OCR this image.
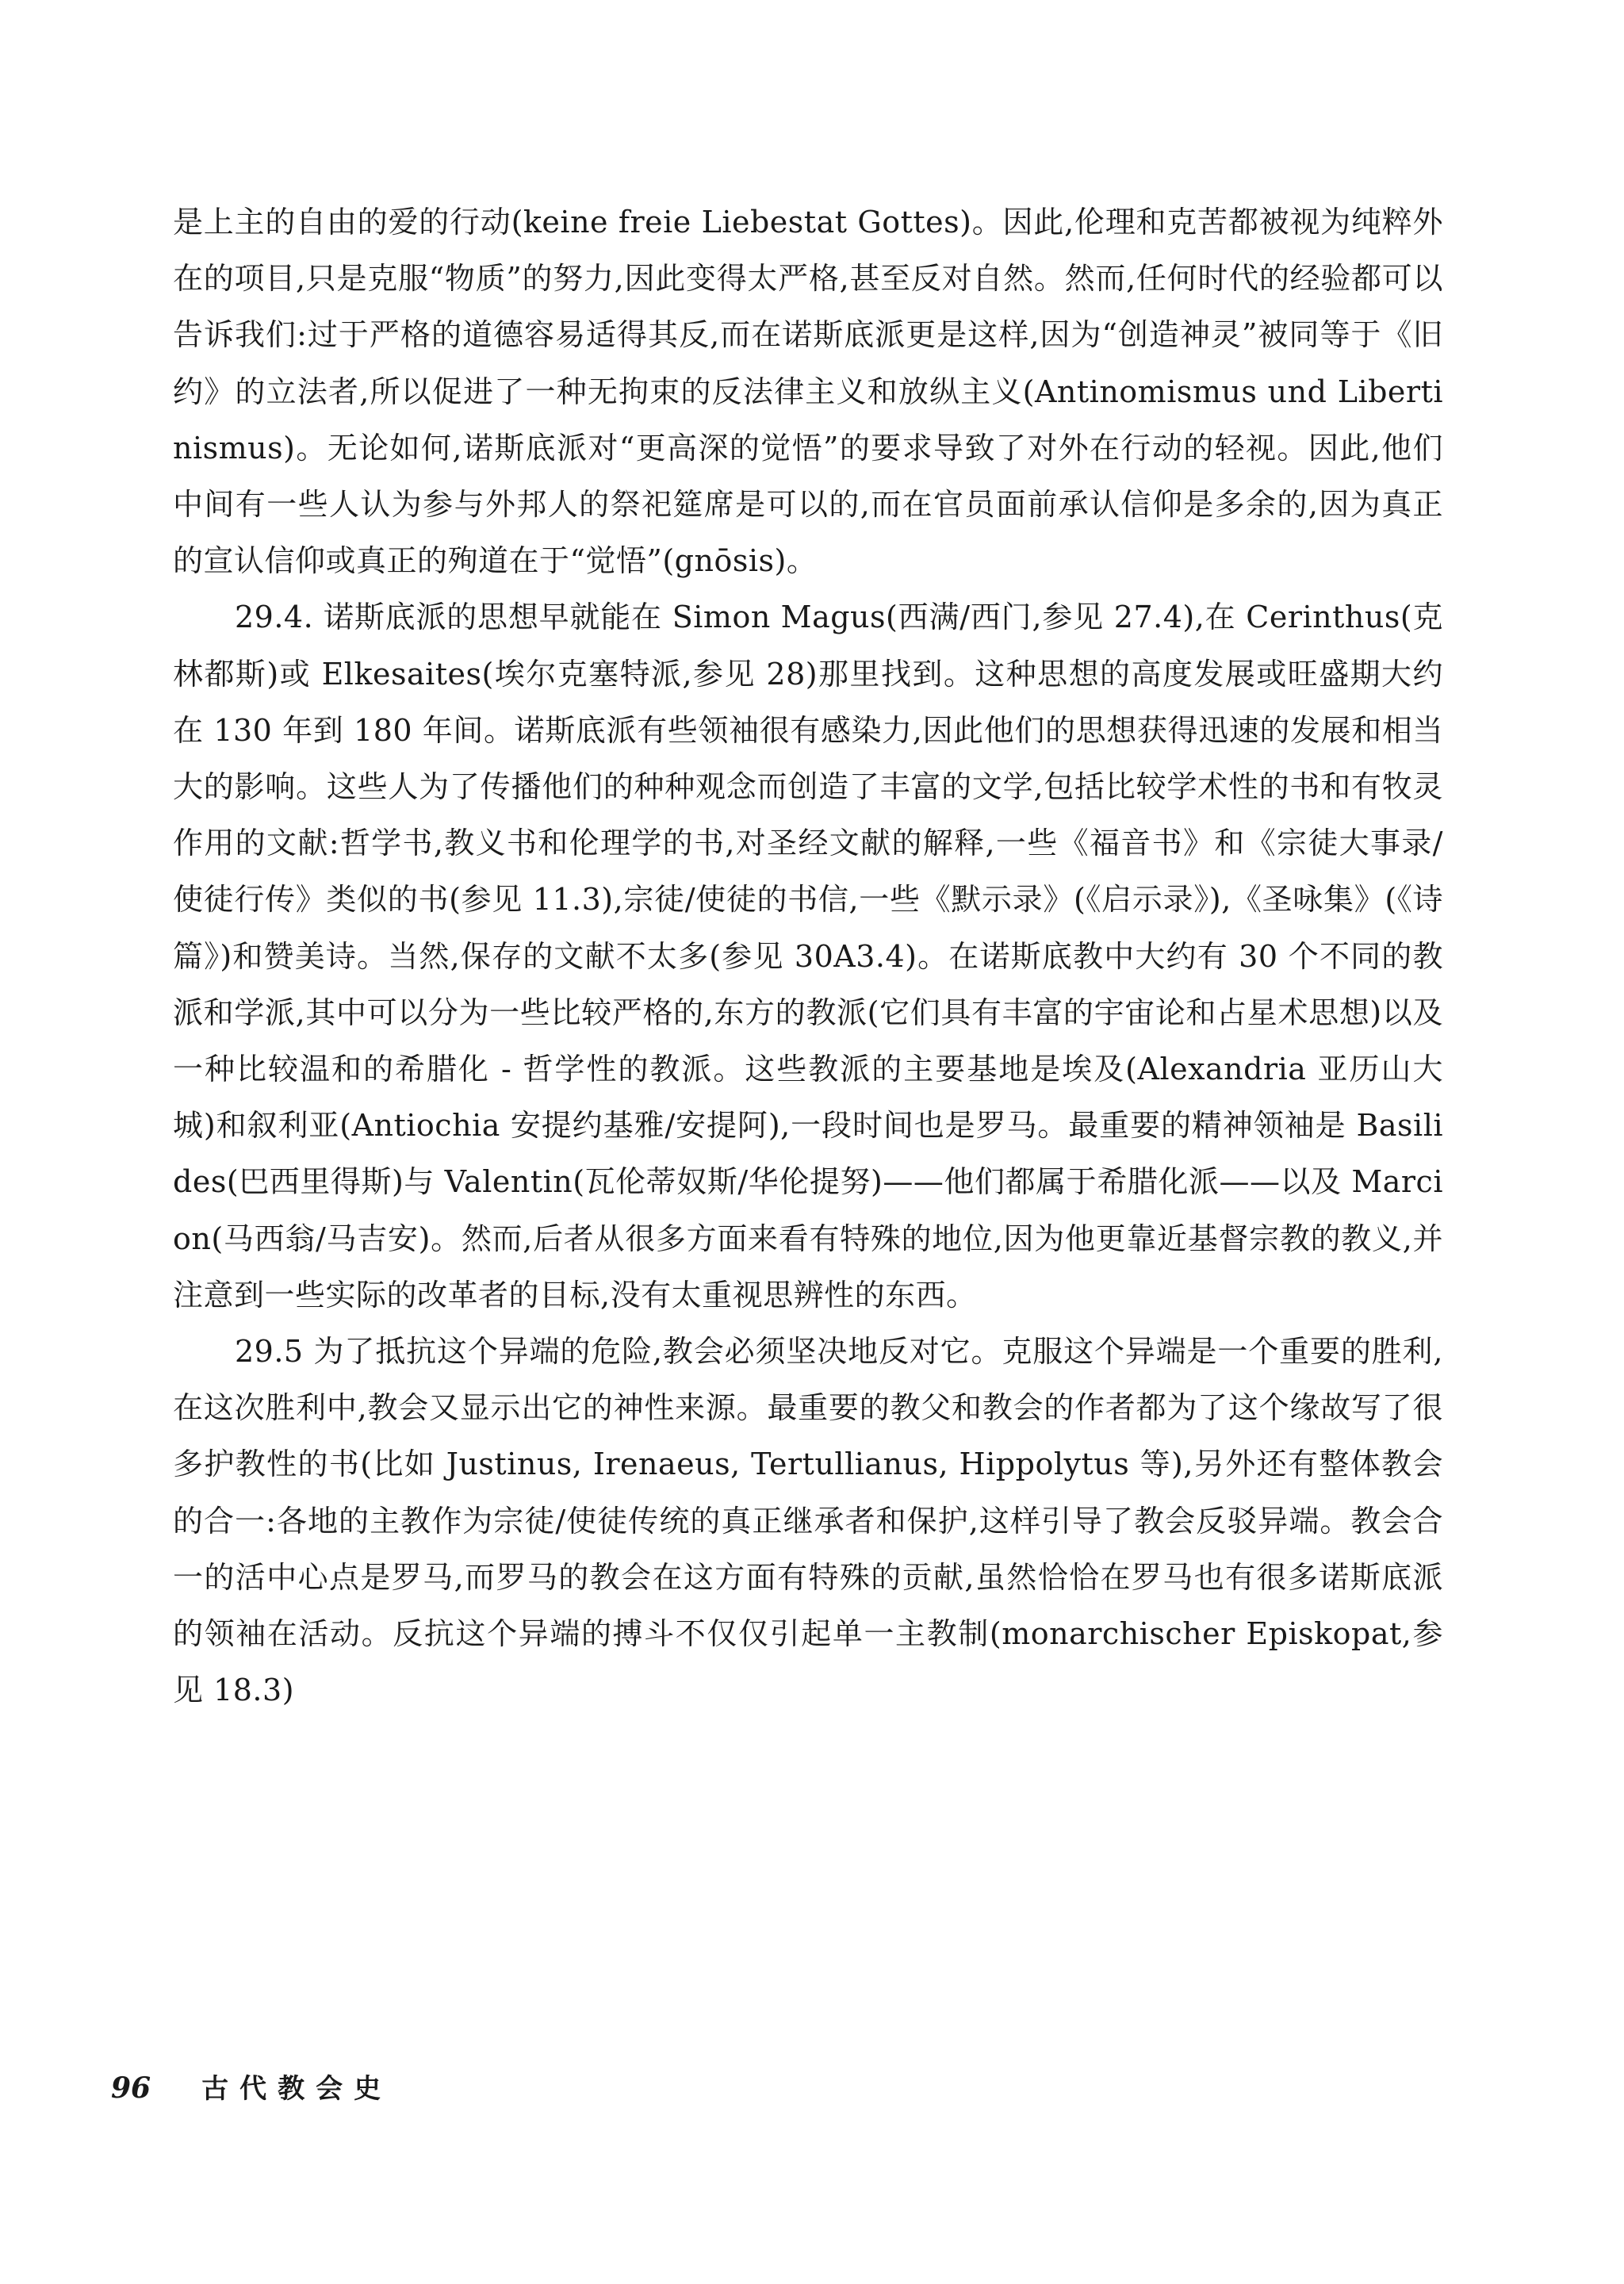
是上主的自由的爱的行动(keine freie Liebestat Gottes)。因此,伦理和克苦都被视为纯粹外在的项目,只是克服“物质”的努力,因此变得太严格,甚至反对自然。然而,任何时代的经验都可以告诉我们:过于严格的道德容易适得其反,而在诺斯底派更是这样,因为“创造神灵”被同等于《旧约》的立法者,所以促进了一种无拘束的反法律主义和放纵主义(Antinomismus und Libertinismus)。无论如何,诺斯底派对“更高深的觉悟”的要求导致了对外在行动的轻视。因此,他们中间有一些人认为参与外邦人的祭祀筵席是可以的,而在官员面前承认信仰是多余的,因为真正的宣认信仰或真正的殉道在于“觉悟”(gnōsis)。

29.4. 诺斯底派的思想早就能在 Simon Magus(西满/西门,参见 27.4),在 Cerinthus(克林都斯)或 Elkesaites(埃尔克塞特派,参见 28)那里找到。这种思想的高度发展或旺盛期大约在 130 年到 180 年间。诺斯底派有些领袖很有感染力,因此他们的思想获得迅速的发展和相当大的影响。这些人为了传播他们的种种观念而创造了丰富的文学,包括比较学术性的书和有牧灵作用的文献:哲学书,教义书和伦理学的书,对圣经文献的解释,一些《福音书》和《宗徒大事录/使徒行传》类似的书(参见 11.3),宗徒/使徒的书信,一些《默示录》(《启示录》),《圣咏集》(《诗篇》)和赞美诗。当然,保存的文献不太多(参见 30A3.4)。在诺斯底教中大约有 30 个不同的教派和学派,其中可以分为一些比较严格的,东方的教派(它们具有丰富的宇宙论和占星术思想)以及一种比较温和的希腊化 - 哲学性的教派。这些教派的主要基地是埃及(Alexandria 亚历山大城)和叙利亚(Antiochia 安提约基雅/安提阿),一段时间也是罗马。最重要的精神领袖是 Basilides(巴西里得斯)与 Valentin(瓦伦蒂奴斯/华伦提努)——他们都属于希腊化派——以及 Marcion(马西翁/马吉安)。然而,后者从很多方面来看有特殊的地位,因为他更靠近基督宗教的教义,并注意到一些实际的改革者的目标,没有太重视思辨性的东西。

29.5 为了抵抗这个异端的危险,教会必须坚决地反对它。克服这个异端是一个重要的胜利,在这次胜利中,教会又显示出它的神性来源。最重要的教父和教会的作者都为了这个缘故写了很多护教性的书(比如 Justinus, Irenaeus, Tertullianus, Hippolytus 等),另外还有整体教会的合一:各地的主教作为宗徒/使徒传统的真正继承者和保护,这样引导了教会反驳异端。教会合一的活中心点是罗马,而罗马的教会在这方面有特殊的贡献,虽然恰恰在罗马也有很多诺斯底派的领袖在活动。反抗这个异端的搏斗不仅仅引起单一主教制(monarchischer Episkopat,参见 18.3)

96 古代教会史
